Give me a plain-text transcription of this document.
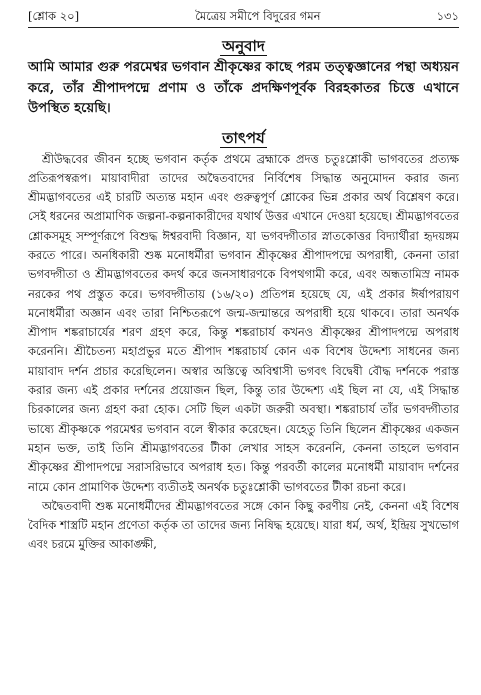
[শ্লোক ২০]	মৈত্রেয় সমীপে বিদুরের গমন	১৩১
অনুবাদ

আমি আমার গুরু পরমেশ্বর ভগবান শ্রীকৃষ্ণের কাছে পরম তত্ত্বজ্ঞানের পন্থা অধ্যয়ন করে, তাঁর শ্রীপাদপদ্মে প্রণাম ও তাঁকে প্রদক্ষিণপূর্বক বিরহকাতর চিত্তে এখানে উপস্থিত হয়েছি।

তাৎপর্য

শ্রীউদ্ধবের জীবন হচ্ছে ভগবান কর্তৃক প্রথমে ব্রহ্মাকে প্রদত্ত চতুঃশ্লোকী ভাগবতের প্রত্যক্ষ প্রতিরূপস্বরূপ। মায়াবাদীরা তাদের অদ্বৈতবাদের নির্বিশেষ সিদ্ধান্ত অনুমোদন করার জন্য শ্রীমদ্ভাগবতের এই চারটি অত্যন্ত মহান এবং গুরুত্বপূর্ণ শ্লোকের ভিন্ন প্রকার অর্থ বিশ্লেষণ করে। সেই ধরনের অপ্রামাণিক জল্পনা-কল্পনাকারীদের যথার্থ উত্তর এখানে দেওয়া হয়েছে। শ্রীমদ্ভাগবতের শ্লোকসমূহ সম্পূর্ণরূপে বিশুদ্ধ ঈশ্বরবাদী বিজ্ঞান, যা ভগবদ্গীতার স্নাতকোত্তর বিদ্যার্থীরা হৃদয়ঙ্গম করতে পারে। অনধিকারী শুষ্ক মনোধর্মীরা ভগবান শ্রীকৃষ্ণের শ্রীপাদপদ্মে অপরাধী, কেননা তারা ভগবদ্গীতা ও শ্রীমদ্ভাগবতের কদর্থ করে জনসাধারণকে বিপথগামী করে, এবং অন্ধতামিস্র নামক নরকের পথ প্রস্তুত করে। ভগবদ্গীতায় (১৬/২০) প্রতিপন্ন হয়েছে যে, এই প্রকার ঈর্ষাপরায়ণ মনোধর্মীরা অজ্ঞান এবং তারা নিশ্চিতরূপে জন্ম-জন্মান্তরে অপরাধী হয়ে থাকবে। তারা অনর্থক শ্রীপাদ শঙ্করাচার্যের শরণ গ্রহণ করে, কিন্তু শঙ্করাচার্য কখনও শ্রীকৃষ্ণের শ্রীপাদপদ্মে অপরাধ করেননি। শ্রীচৈতন্য মহাপ্রভুর মতে শ্রীপাদ শঙ্করাচার্য কোন এক বিশেষ উদ্দেশ্য সাধনের জন্য মায়াবাদ দর্শন প্রচার করেছিলেন। অস্বার অস্তিত্বে অবিশ্বাসী ভগবৎ বিদ্বেষী বৌদ্ধ দর্শনকে পরাস্ত করার জন্য এই প্রকার দর্শনের প্রয়োজন ছিল, কিন্তু তার উদ্দেশ্য এই ছিল না যে, এই সিদ্ধান্ত চিরকালের জন্য গ্রহণ করা হোক। সেটি ছিল একটা জরুরী অবস্থা। শঙ্করাচার্য তাঁর ভগবদ্গীতার ভাষ্যে শ্রীকৃষ্ণকে পরমেশ্বর ভগবান বলে স্বীকার করেছেন। যেহেতু তিনি ছিলেন শ্রীকৃষ্ণের একজন মহান ভক্ত, তাই তিনি শ্রীমদ্ভাগবতের টীকা লেখার সাহস করেননি, কেননা তাহলে ভগবান শ্রীকৃষ্ণের শ্রীপাদপদ্মে সরাসরিভাবে অপরাধ হত। কিন্তু পরবর্তী কালের মনোধর্মী মায়াবাদ দর্শনের নামে কোন প্রামাণিক উদ্দেশ্য ব্যতীতই অনর্থক চতুঃশ্লোকী ভাগবতের টীকা রচনা করে।

অদ্বৈতবাদী শুষ্ক মনোধর্মীদের শ্রীমদ্ভাগবতের সঙ্গে কোন কিছু করণীয় নেই, কেননা এই বিশেষ বৈদিক শাস্ত্রটি মহান প্রণেতা কর্তৃক তা তাদের জন্য নিষিদ্ধ হয়েছে। যারা ধর্ম, অর্থ, ইন্দ্রিয় সুখভোগ এবং চরমে মুক্তির আকাঙ্ক্ষী,
